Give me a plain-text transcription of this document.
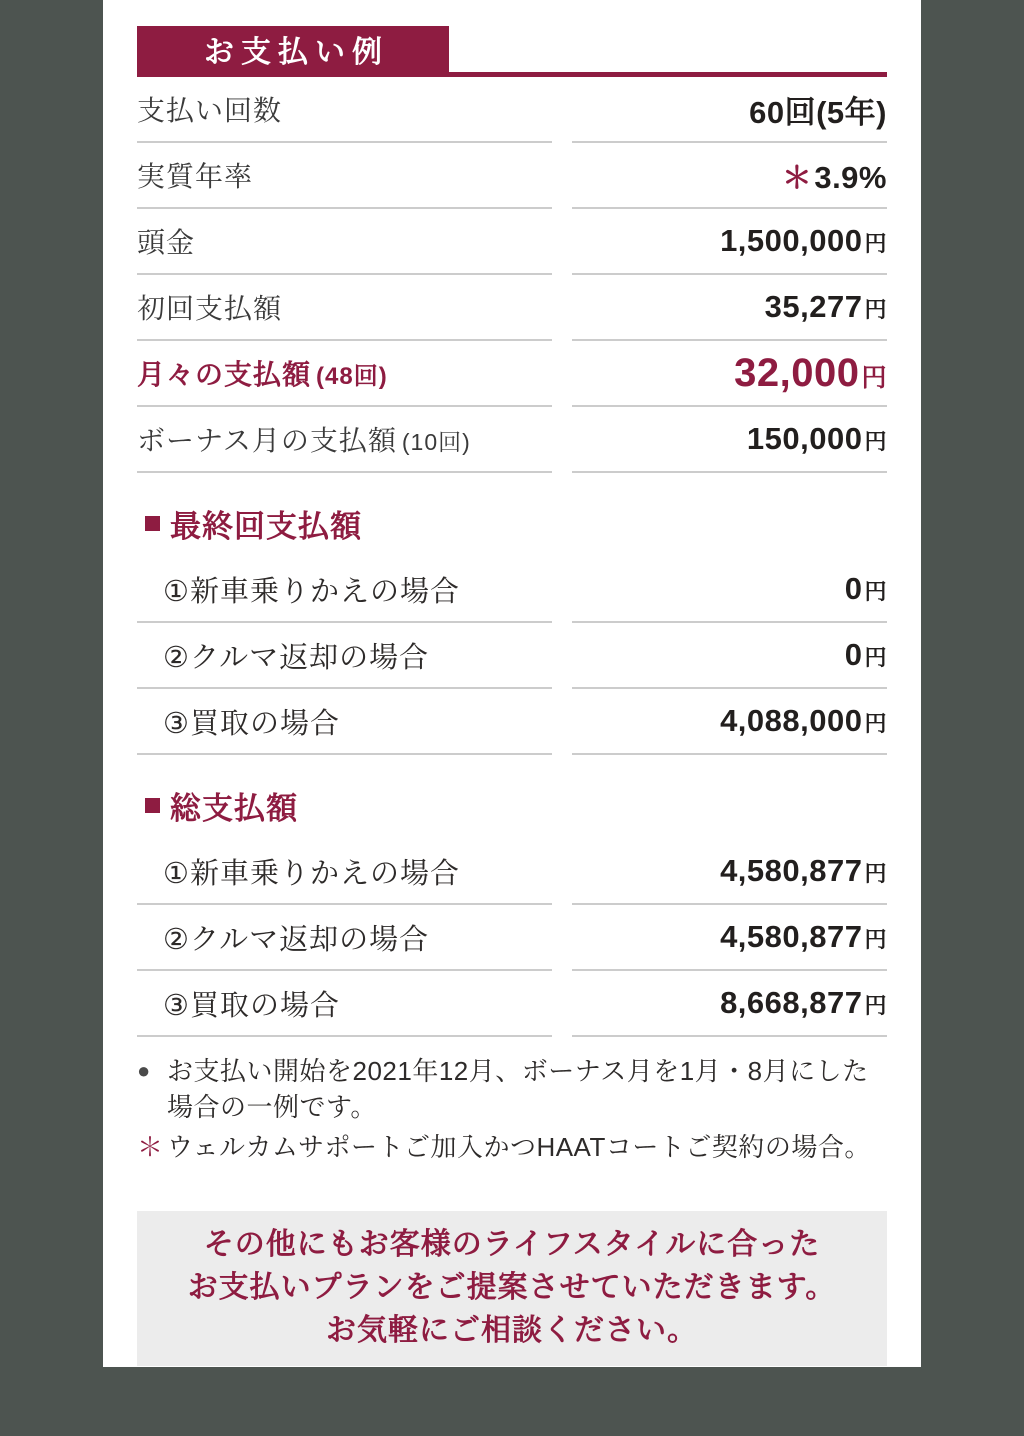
お支払い例
支払い回数	60回(5年)
実質年率	＊3.9%
頭金	1,500,000円
初回支払額	35,277円
月々の支払額 (48回)	32,000円
ボーナス月の支払額 (10回)	150,000円
最終回支払額
①新車乗りかえの場合	0円
②クルマ返却の場合	0円
③買取の場合	4,088,000円
総支払額
①新車乗りかえの場合	4,580,877円
②クルマ返却の場合	4,580,877円
③買取の場合	8,668,877円
● お支払い開始を2021年12月、ボーナス月を1月・8月にした場合の一例です。
＊ ウェルカムサポートご加入かつHAATコートご契約の場合。
その他にもお客様のライフスタイルに合った
お支払いプランをご提案させていただきます。
お気軽にご相談ください。
